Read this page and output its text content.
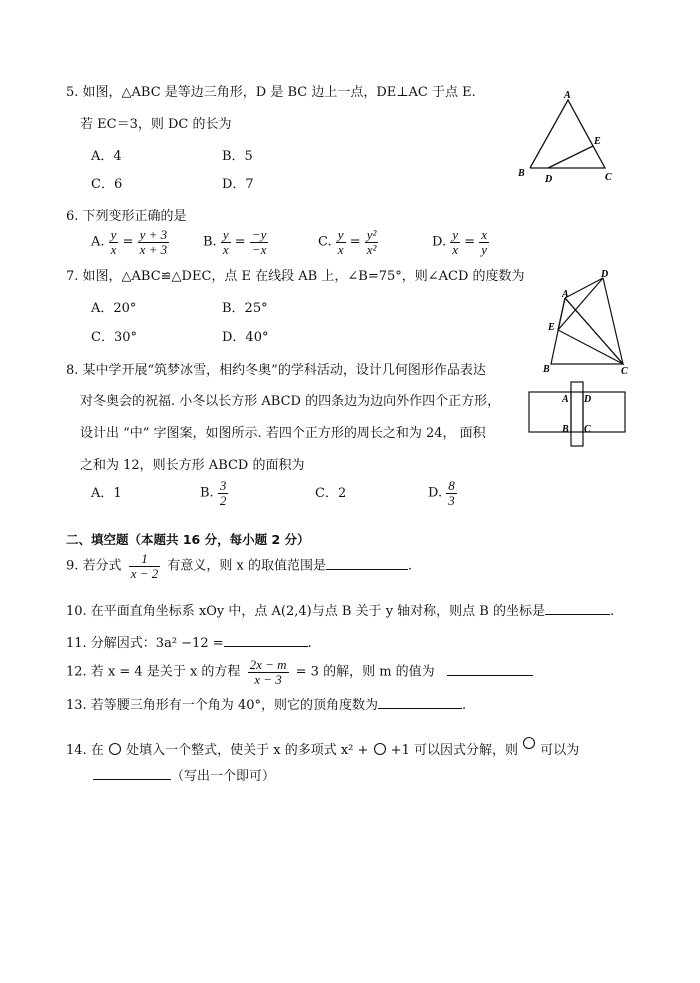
5. 如图，△ABC 是等边三角形，D 是 BC 边上一点，DE⊥AC 于点 E.
若 EC＝3，则 DC 的长为
A．4	B．5
C．6	D．7
A
E
B
D	C
6. 下列变形正确的是
A. $\frac{y}{x} = \frac{y + 3}{x + 3}$	B. $\frac{y}{x} = \frac{-y}{-x}$	C. $\frac{y}{x} = \frac{\text{y²}}{\text{x²}}$	D. $\frac{y}{x} = \frac{x}{y}$
7. 如图，△ABC≌△DEC，点 E 在线段 AB 上，∠B=75°，则∠ACD 的度数为
A．20°	B．25°
C．30°	D．40°
D
A
E
B	C
8. 某中学开展“筑梦冰雪，相约冬奥”的学科活动，设计几何图形作品表达
对冬奥会的祝福. 小冬以长方形 ABCD 的四条边为边向外作四个正方形，
设计出 “中” 字图案，如图所示. 若四个正方形的周长之和为 24， 面积
之和为 12，则长方形 ABCD 的面积为
A．1	B. $\frac{3}{2}$	C．2	D. $\frac{8}{3}$
A D
B C
二、填空题（本题共 16 分，每小题 2 分）
9. 若分式 $\frac{1}{x - 2}$ 有意义，则 x 的取值范围是	.
10. 在平面直角坐标系 xOy 中，点 A(2,4)与点 B 关于 y 轴对称，则点 B 的坐标是	.
11. 分解因式：3a² −12 =	.
12. 若 x = 4 是关于 x 的方程 $\frac{2x - m}{x - 3} = 3$ 的解，则 m 的值为
13. 若等腰三角形有一个角为 40°，则它的顶角度数为	.
14. 在 处填入一个整式，使关于 x 的多项式 x² + +1 可以因式分解，则 可以为
（写出一个即可）
